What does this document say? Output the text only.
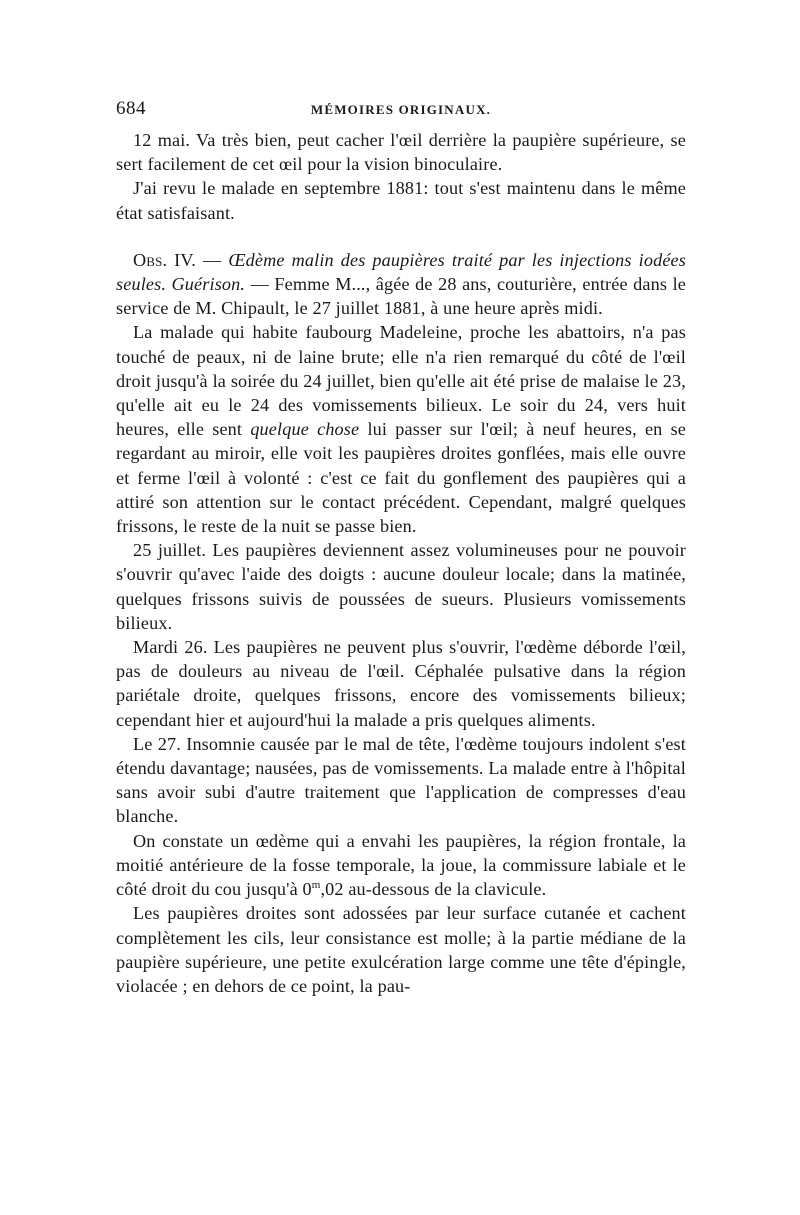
684	MÉMOIRES ORIGINAUX.

12 mai. Va très bien, peut cacher l'œil derrière la paupière supérieure, se sert facilement de cet œil pour la vision binoculaire.

J'ai revu le malade en septembre 1881: tout s'est maintenu dans le même état satisfaisant.

Obs. IV. — Œdème malin des paupières traité par les injections iodées seules. Guérison. — Femme M..., âgée de 28 ans, couturière, entrée dans le service de M. Chipault, le 27 juillet 1881, à une heure après midi.

La malade qui habite faubourg Madeleine, proche les abattoirs, n'a pas touché de peaux, ni de laine brute; elle n'a rien remarqué du côté de l'œil droit jusqu'à la soirée du 24 juillet, bien qu'elle ait été prise de malaise le 23, qu'elle ait eu le 24 des vomissements bilieux. Le soir du 24, vers huit heures, elle sent quelque chose lui passer sur l'œil; à neuf heures, en se regardant au miroir, elle voit les paupières droites gonflées, mais elle ouvre et ferme l'œil à volonté : c'est ce fait du gonflement des paupières qui a attiré son attention sur le contact précédent. Cependant, malgré quelques frissons, le reste de la nuit se passe bien.

25 juillet. Les paupières deviennent assez volumineuses pour ne pouvoir s'ouvrir qu'avec l'aide des doigts : aucune douleur locale; dans la matinée, quelques frissons suivis de poussées de sueurs. Plusieurs vomissements bilieux.

Mardi 26. Les paupières ne peuvent plus s'ouvrir, l'œdème déborde l'œil, pas de douleurs au niveau de l'œil. Céphalée pulsative dans la région pariétale droite, quelques frissons, encore des vomissements bilieux; cependant hier et aujourd'hui la malade a pris quelques aliments.

Le 27. Insomnie causée par le mal de tête, l'œdème toujours indolent s'est étendu davantage; nausées, pas de vomissements. La malade entre à l'hôpital sans avoir subi d'autre traitement que l'application de compresses d'eau blanche.

On constate un œdème qui a envahi les paupières, la région frontale, la moitié antérieure de la fosse temporale, la joue, la commissure labiale et le côté droit du cou jusqu'à 0$^m$,02 au-dessous de la clavicule.

Les paupières droites sont adossées par leur surface cutanée et cachent complètement les cils, leur consistance est molle; à la partie médiane de la paupière supérieure, une petite exulcération large comme une tête d'épingle, violacée ; en dehors de ce point, la pau-
